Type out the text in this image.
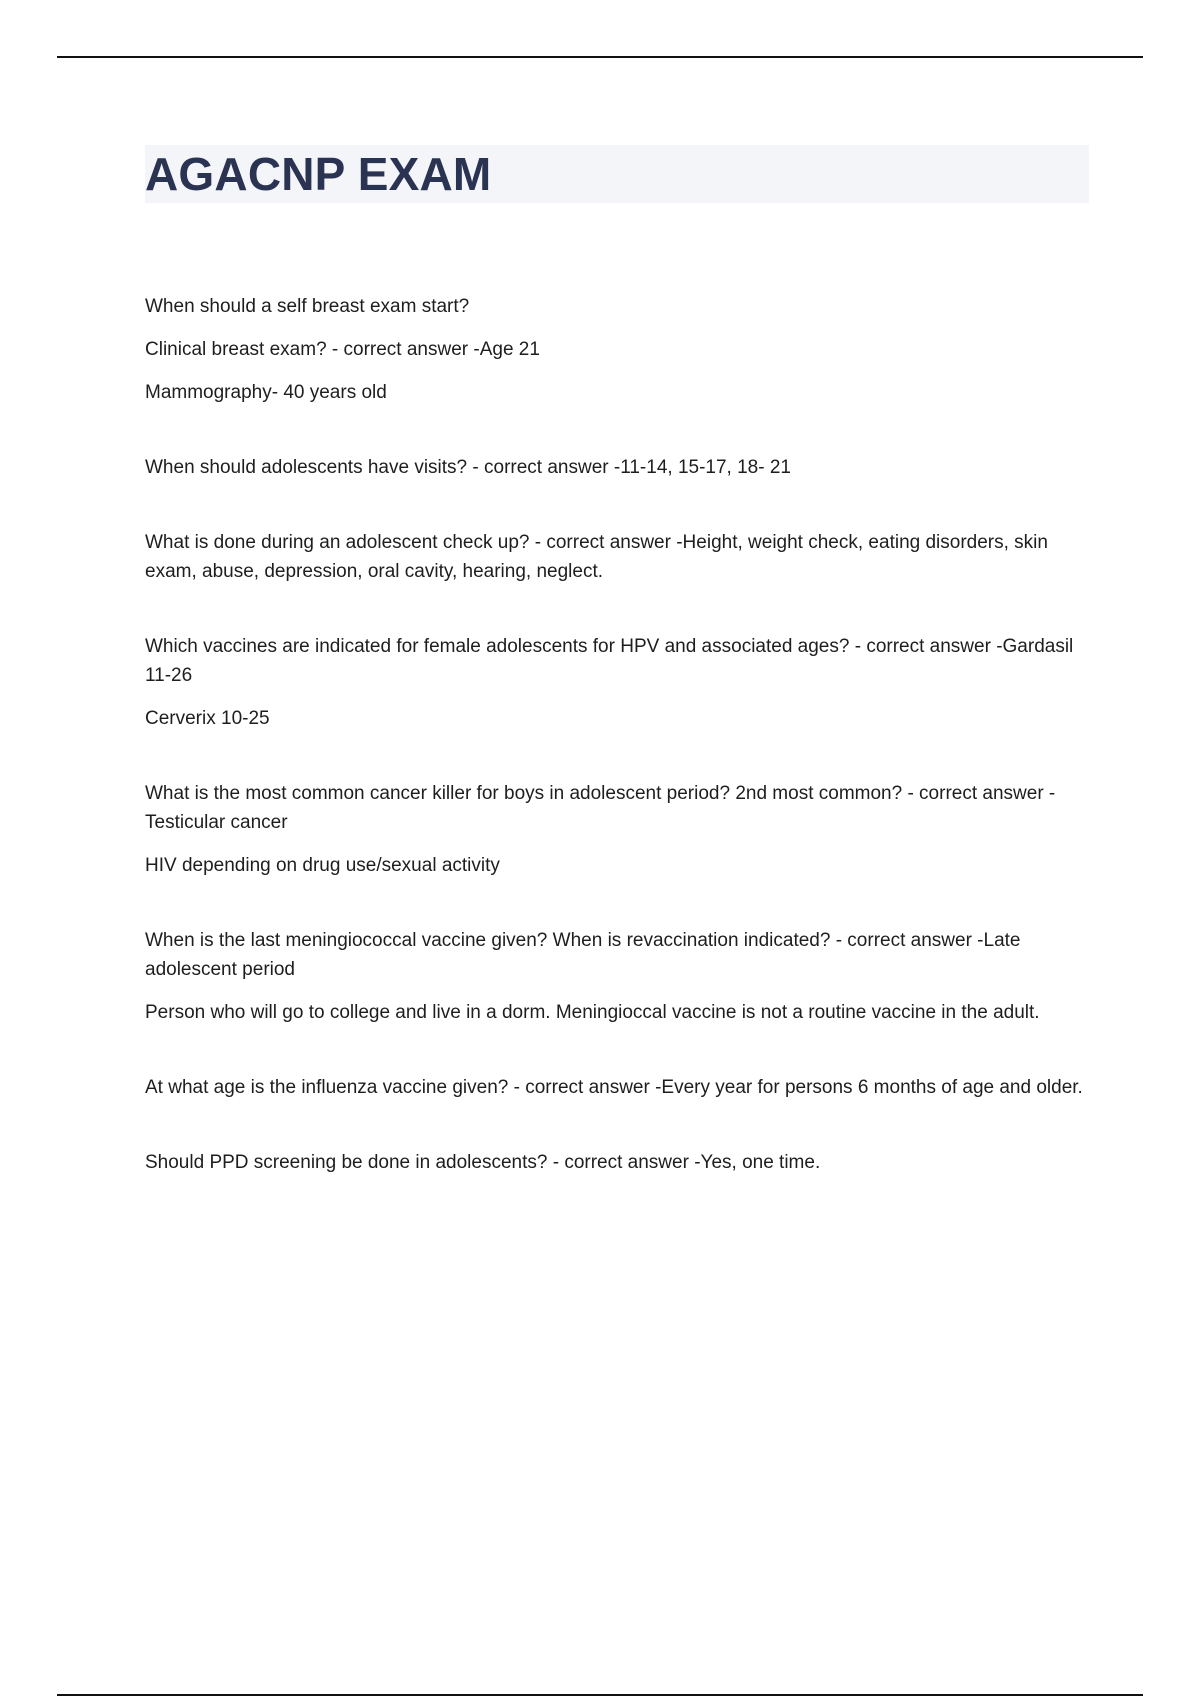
AGACNP EXAM

When should a self breast exam start?

Clinical breast exam? - correct answer -Age 21

Mammography- 40 years old

When should adolescents have visits? - correct answer -11-14, 15-17, 18- 21

What is done during an adolescent check up? - correct answer -Height, weight check, eating disorders, skin exam, abuse, depression, oral cavity, hearing, neglect.

Which vaccines are indicated for female adolescents for HPV and associated ages? - correct answer -Gardasil 11-26

Cerverix 10-25

What is the most common cancer killer for boys in adolescent period? 2nd most common? - correct answer -Testicular cancer

HIV depending on drug use/sexual activity

When is the last meningiococcal vaccine given? When is revaccination indicated? - correct answer -Late adolescent period

Person who will go to college and live in a dorm. Meningioccal vaccine is not a routine vaccine in the adult.

At what age is the influenza vaccine given? - correct answer -Every year for persons 6 months of age and older.

Should PPD screening be done in adolescents? - correct answer -Yes, one time.
